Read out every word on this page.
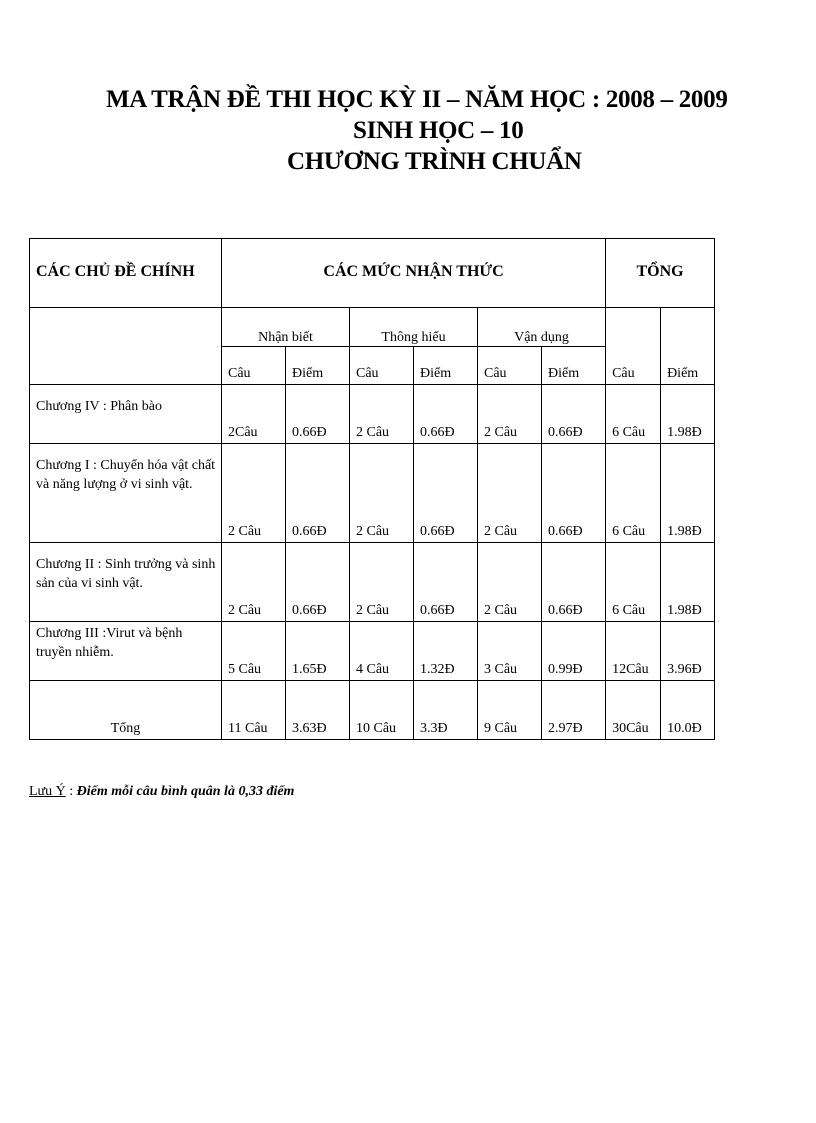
MA TRẬN ĐỀ THI HỌC KỲ II – NĂM HỌC : 2008 – 2009
SINH HỌC – 10
CHƯƠNG TRÌNH CHUẨN
CÁC CHỦ ĐỀ CHÍNH	CÁC MỨC NHẬN THỨC						TỔNG	
	Nhận biết		Thông hiểu		Vận dụng		Câu	Điểm
	Câu	Điểm	Câu	Điểm	Câu	Điểm		
Chương IV : Phân bào	2Câu	0.66Đ	2 Câu	0.66Đ	2 Câu	0.66Đ	6 Câu	1.98Đ
Chương I : Chuyển hóa vật chất và năng lượng ở vi sinh vật.	2 Câu	0.66Đ	2 Câu	0.66Đ	2 Câu	0.66Đ	6 Câu	1.98Đ
Chương II : Sinh trưởng và sinh sản của vi sinh vật.	2 Câu	0.66Đ	2 Câu	0.66Đ	2 Câu	0.66Đ	6 Câu	1.98Đ
Chương III :Virut và bệnh truyền nhiễm.	5 Câu	1.65Đ	4 Câu	1.32Đ	3 Câu	0.99Đ	12Câu	3.96Đ
Tổng	11 Câu	3.63Đ	10 Câu	3.3Đ	9 Câu	2.97Đ	30Câu	10.0Đ
Lưu Ý : Điểm mỗi câu bình quân là 0,33 điểm
